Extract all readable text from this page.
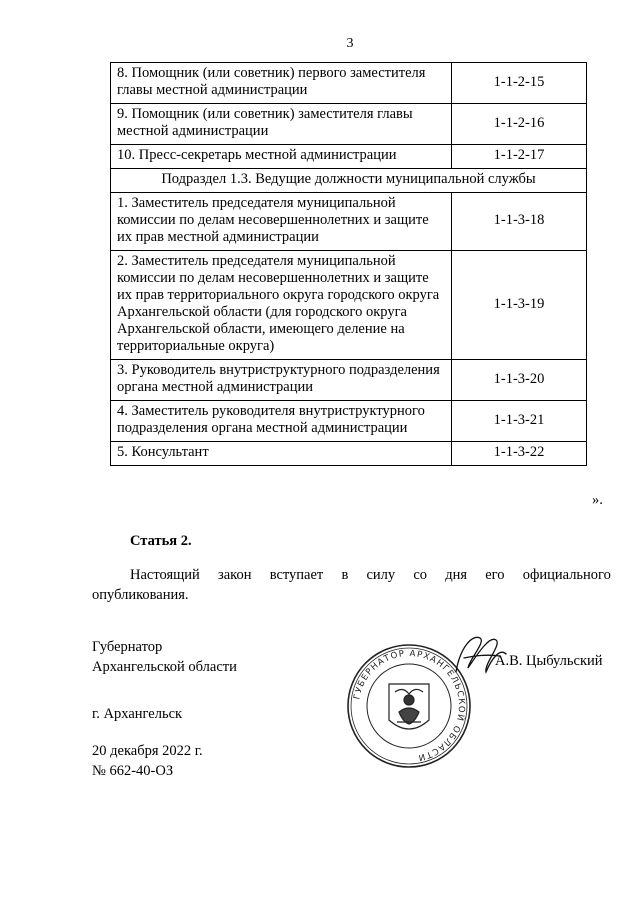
3
8. Помощник (или советник) первого заместителя главы местной администрации	1-1-2-15
9. Помощник (или советник) заместителя главы местной администрации	1-1-2-16
10. Пресс-секретарь местной администрации	1-1-2-17
Подраздел 1.3. Ведущие должности муниципальной службы	
1. Заместитель председателя муниципальной комиссии по делам несовершеннолетних и защите их прав местной администрации	1-1-3-18
2. Заместитель председателя муниципальной комиссии по делам несовершеннолетних и защите их прав территориального округа городского округа Архангельской области (для городского округа Архангельской области, имеющего деление на территориальные округа)	1-1-3-19
3. Руководитель внутриструктурного подразделения органа местной администрации	1-1-3-20
4. Заместитель руководителя внутриструктурного подразделения органа местной администрации	1-1-3-21
5. Консультант	1-1-3-22
».
Статья 2.
Настоящий закон вступает в силу со дня его официального
опубликования.
Губернатор
Архангельской области
ГУБЕРНАТОР АРХАНГЕЛЬСКОЙ ОБЛАСТИ
А.В. Цыбульский
г. Архангельск
20 декабря 2022 г.
№ 662-40-ОЗ
